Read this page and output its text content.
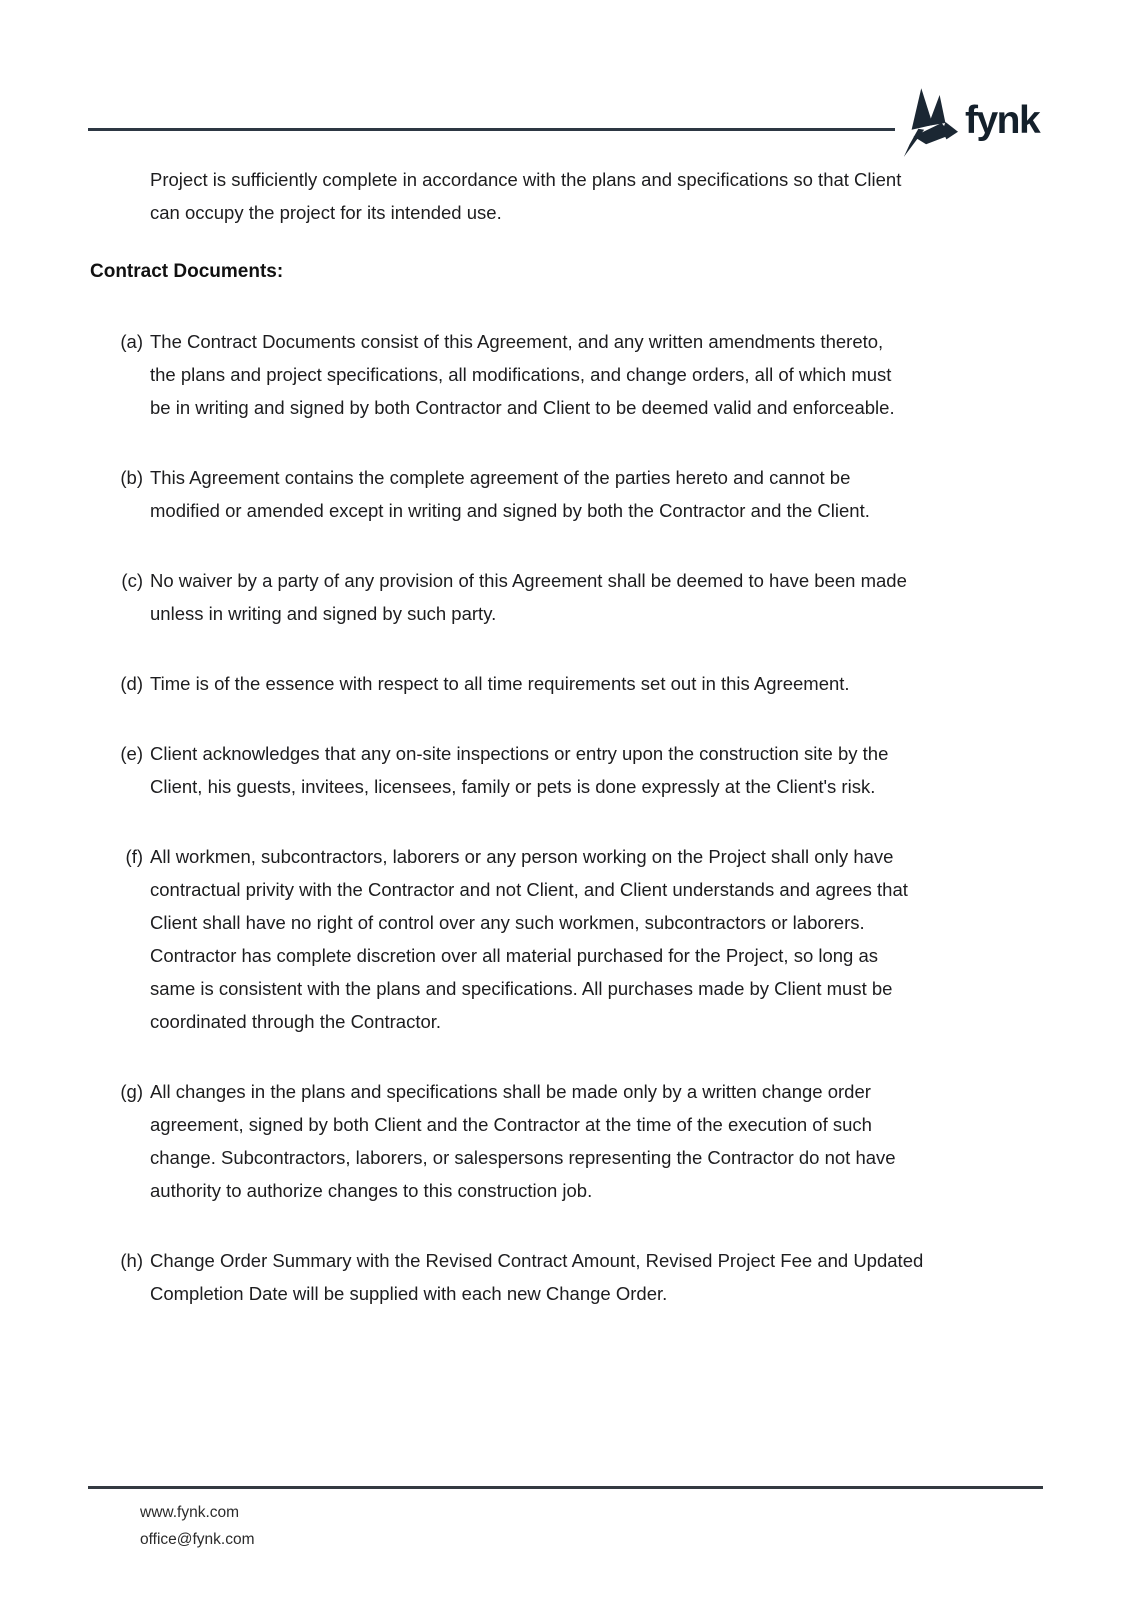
fynk

Project is sufficiently complete in accordance with the plans and specifications so that Client
can occupy the project for its intended use.

Contract Documents:
(a) The Contract Documents consist of this Agreement, and any written amendments thereto,
the plans and project specifications, all modifications, and change orders, all of which must
be in writing and signed by both Contractor and Client to be deemed valid and enforceable.

(b) This Agreement contains the complete agreement of the parties hereto and cannot be
modified or amended except in writing and signed by both the Contractor and the Client.

(c) No waiver by a party of any provision of this Agreement shall be deemed to have been made
unless in writing and signed by such party.

(d) Time is of the essence with respect to all time requirements set out in this Agreement.

(e) Client acknowledges that any on-site inspections or entry upon the construction site by the
Client, his guests, invitees, licensees, family or pets is done expressly at the Client's risk.

(f) All workmen, subcontractors, laborers or any person working on the Project shall only have
contractual privity with the Contractor and not Client, and Client understands and agrees that
Client shall have no right of control over any such workmen, subcontractors or laborers.
Contractor has complete discretion over all material purchased for the Project, so long as
same is consistent with the plans and specifications. All purchases made by Client must be
coordinated through the Contractor.

(g) All changes in the plans and specifications shall be made only by a written change order
agreement, signed by both Client and the Contractor at the time of the execution of such
change. Subcontractors, laborers, or salespersons representing the Contractor do not have
authority to authorize changes to this construction job.

(h) Change Order Summary with the Revised Contract Amount, Revised Project Fee and Updated
Completion Date will be supplied with each new Change Order.

www.fynk.com
office@fynk.com
